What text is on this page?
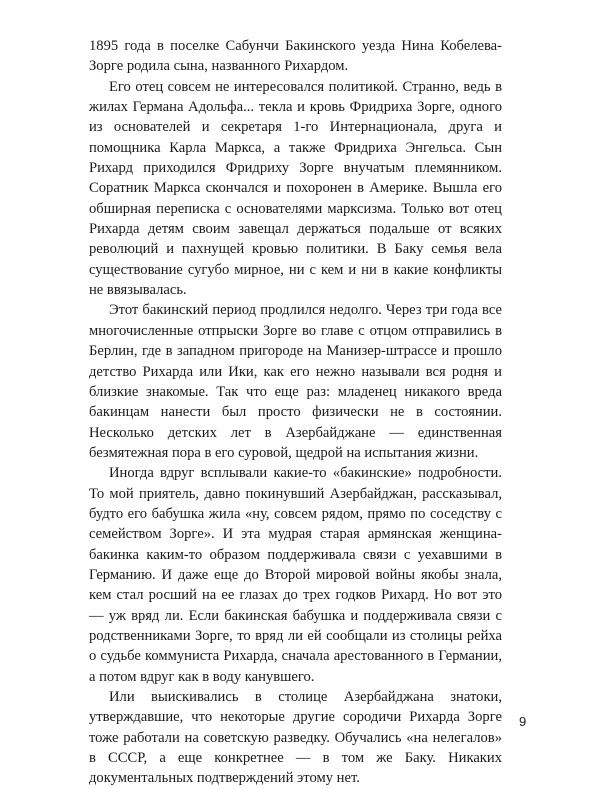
1895 года в поселке Сабунчи Бакинского уезда Нина Кобелева-Зорге родила сына, названного Рихардом.

Его отец совсем не интересовался политикой. Странно, ведь в жилах Германа Адольфа... текла и кровь Фридриха Зорге, одного из основателей и секретаря 1-го Интернационала, друга и помощника Карла Маркса, а также Фридриха Энгельса. Сын Рихард приходился Фридриху Зорге внучатым племянником. Соратник Маркса скончался и похоронен в Америке. Вышла его обширная переписка с основателями марксизма. Только вот отец Рихарда детям своим завещал держаться подальше от всяких революций и пахнущей кровью политики. В Баку семья вела существование сугубо мирное, ни с кем и ни в какие конфликты не ввязывалась.

Этот бакинский период продлился недолго. Через три года все многочисленные отпрыски Зорге во главе с отцом отправились в Берлин, где в западном пригороде на Манизер-штрассе и прошло детство Рихарда или Ики, как его нежно называли вся родня и близкие знакомые. Так что еще раз: младенец никакого вреда бакинцам нанести был просто физически не в состоянии. Несколько детских лет в Азербайджане — единственная безмятежная пора в его суровой, щедрой на испытания жизни.

Иногда вдруг всплывали какие-то «бакинские» подробности. То мой приятель, давно покинувший Азербайджан, рассказывал, будто его бабушка жила «ну, совсем рядом, прямо по соседству с семейством Зорге». И эта мудрая старая армянская женщина-бакинка каким-то образом поддерживала связи с уехавшими в Германию. И даже еще до Второй мировой войны якобы знала, кем стал росший на ее глазах до трех годков Рихард. Но вот это — уж вряд ли. Если бакинская бабушка и поддерживала связи с родственниками Зорге, то вряд ли ей сообщали из столицы рейха о судьбе коммуниста Рихарда, сначала арестованного в Германии, а потом вдруг как в воду канувшего.

Или выискивались в столице Азербайджана знатоки, утверждавшие, что некоторые другие сородичи Рихарда Зорге тоже работали на советскую разведку. Обучались «на нелегалов» в СССР, а еще конкретнее — в том же Баку. Никаких документальных подтверждений этому нет.

9
